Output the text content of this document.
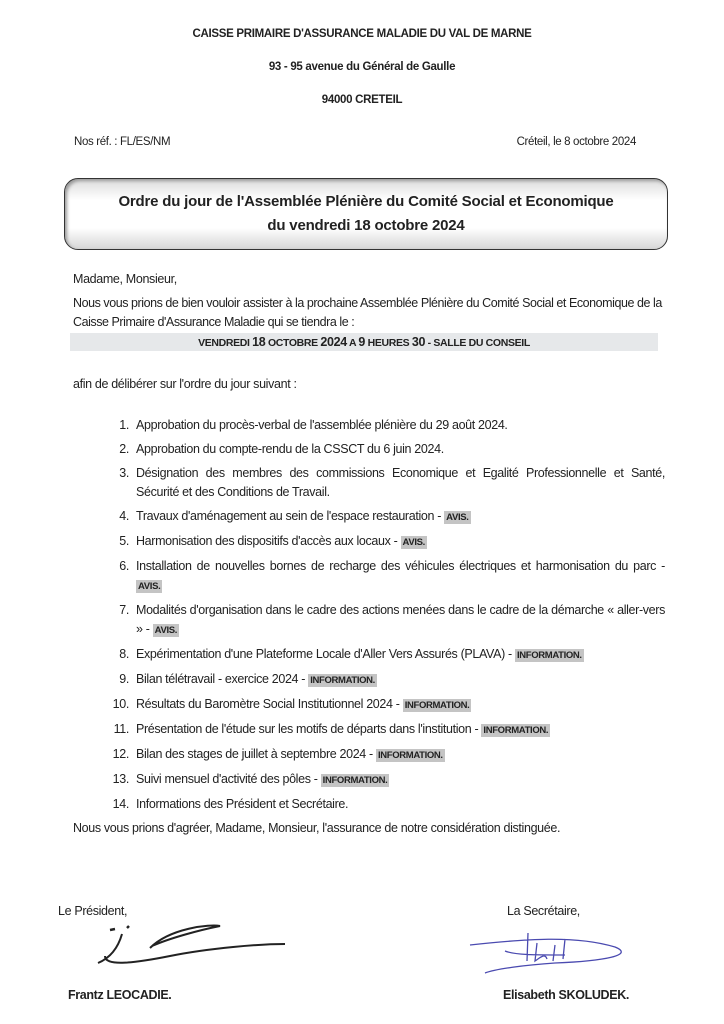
CAISSE PRIMAIRE D'ASSURANCE MALADIE DU VAL DE MARNE
93 - 95 avenue du Général de Gaulle
94000 CRETEIL
Nos réf. : FL/ES/NM	Créteil, le 8 octobre 2024
Ordre du jour de l'Assemblée Plénière du Comité Social et Economique
du vendredi 18 octobre 2024
Madame, Monsieur,
Nous vous prions de bien vouloir assister à la prochaine Assemblée Plénière du Comité Social et Economique de la Caisse Primaire d'Assurance Maladie qui se tiendra le :
VENDREDI 18 OCTOBRE 2024 A 9 HEURES 30 - SALLE DU CONSEIL
afin de délibérer sur l'ordre du jour suivant :
1. Approbation du procès-verbal de l'assemblée plénière du 29 août 2024.
2. Approbation du compte-rendu de la CSSCT du 6 juin 2024.
3. Désignation des membres des commissions Economique et Egalité Professionnelle et Santé, Sécurité et des Conditions de Travail.
4. Travaux d'aménagement au sein de l'espace restauration - AVIS.
5. Harmonisation des dispositifs d'accès aux locaux - AVIS.
6. Installation de nouvelles bornes de recharge des véhicules électriques et harmonisation du parc - AVIS.
7. Modalités d'organisation dans le cadre des actions menées dans le cadre de la démarche « aller-vers » - AVIS.
8. Expérimentation d'une Plateforme Locale d'Aller Vers Assurés (PLAVA) - INFORMATION.
9. Bilan télétravail - exercice 2024 - INFORMATION.
10. Résultats du Baromètre Social Institutionnel 2024 - INFORMATION.
11. Présentation de l'étude sur les motifs de départs dans l'institution - INFORMATION.
12. Bilan des stages de juillet à septembre 2024 - INFORMATION.
13. Suivi mensuel d'activité des pôles - INFORMATION.
14. Informations des Président et Secrétaire.
Nous vous prions d'agréer, Madame, Monsieur, l'assurance de notre considération distinguée.
Le Président,
Frantz LEOCADIE.
La Secrétaire,
Elisabeth SKOLUDEK.
